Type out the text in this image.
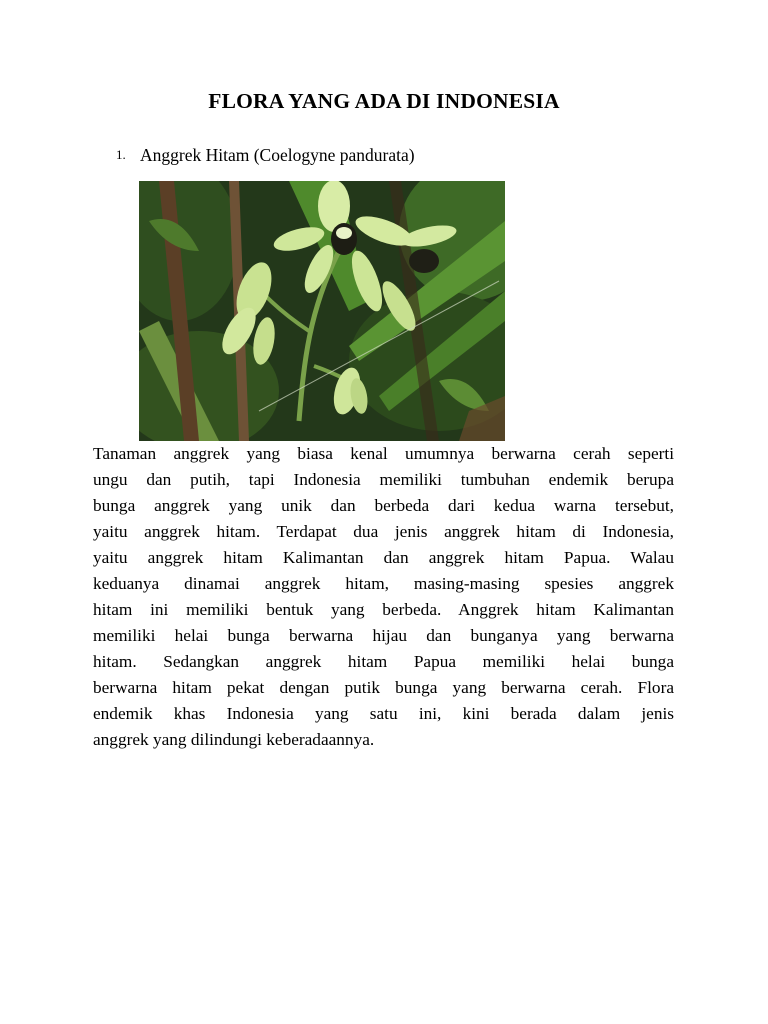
FLORA YANG ADA DI INDONESIA
1. Anggrek Hitam (Coelogyne pandurata)
Tanaman anggrek yang biasa kenal umumnya berwarna cerah seperti
ungu dan putih, tapi Indonesia memiliki tumbuhan endemik berupa
bunga anggrek yang unik dan berbeda dari kedua warna tersebut,
yaitu anggrek hitam. Terdapat dua jenis anggrek hitam di Indonesia,
yaitu anggrek hitam Kalimantan dan anggrek hitam Papua. Walau
keduanya dinamai anggrek hitam, masing-masing spesies anggrek
hitam ini memiliki bentuk yang berbeda. Anggrek hitam Kalimantan
memiliki helai bunga berwarna hijau dan bunganya yang berwarna
hitam. Sedangkan anggrek hitam Papua memiliki helai bunga
berwarna hitam pekat dengan putik bunga yang berwarna cerah. Flora
endemik khas Indonesia yang satu ini, kini berada dalam jenis
anggrek yang dilindungi keberadaannya.
